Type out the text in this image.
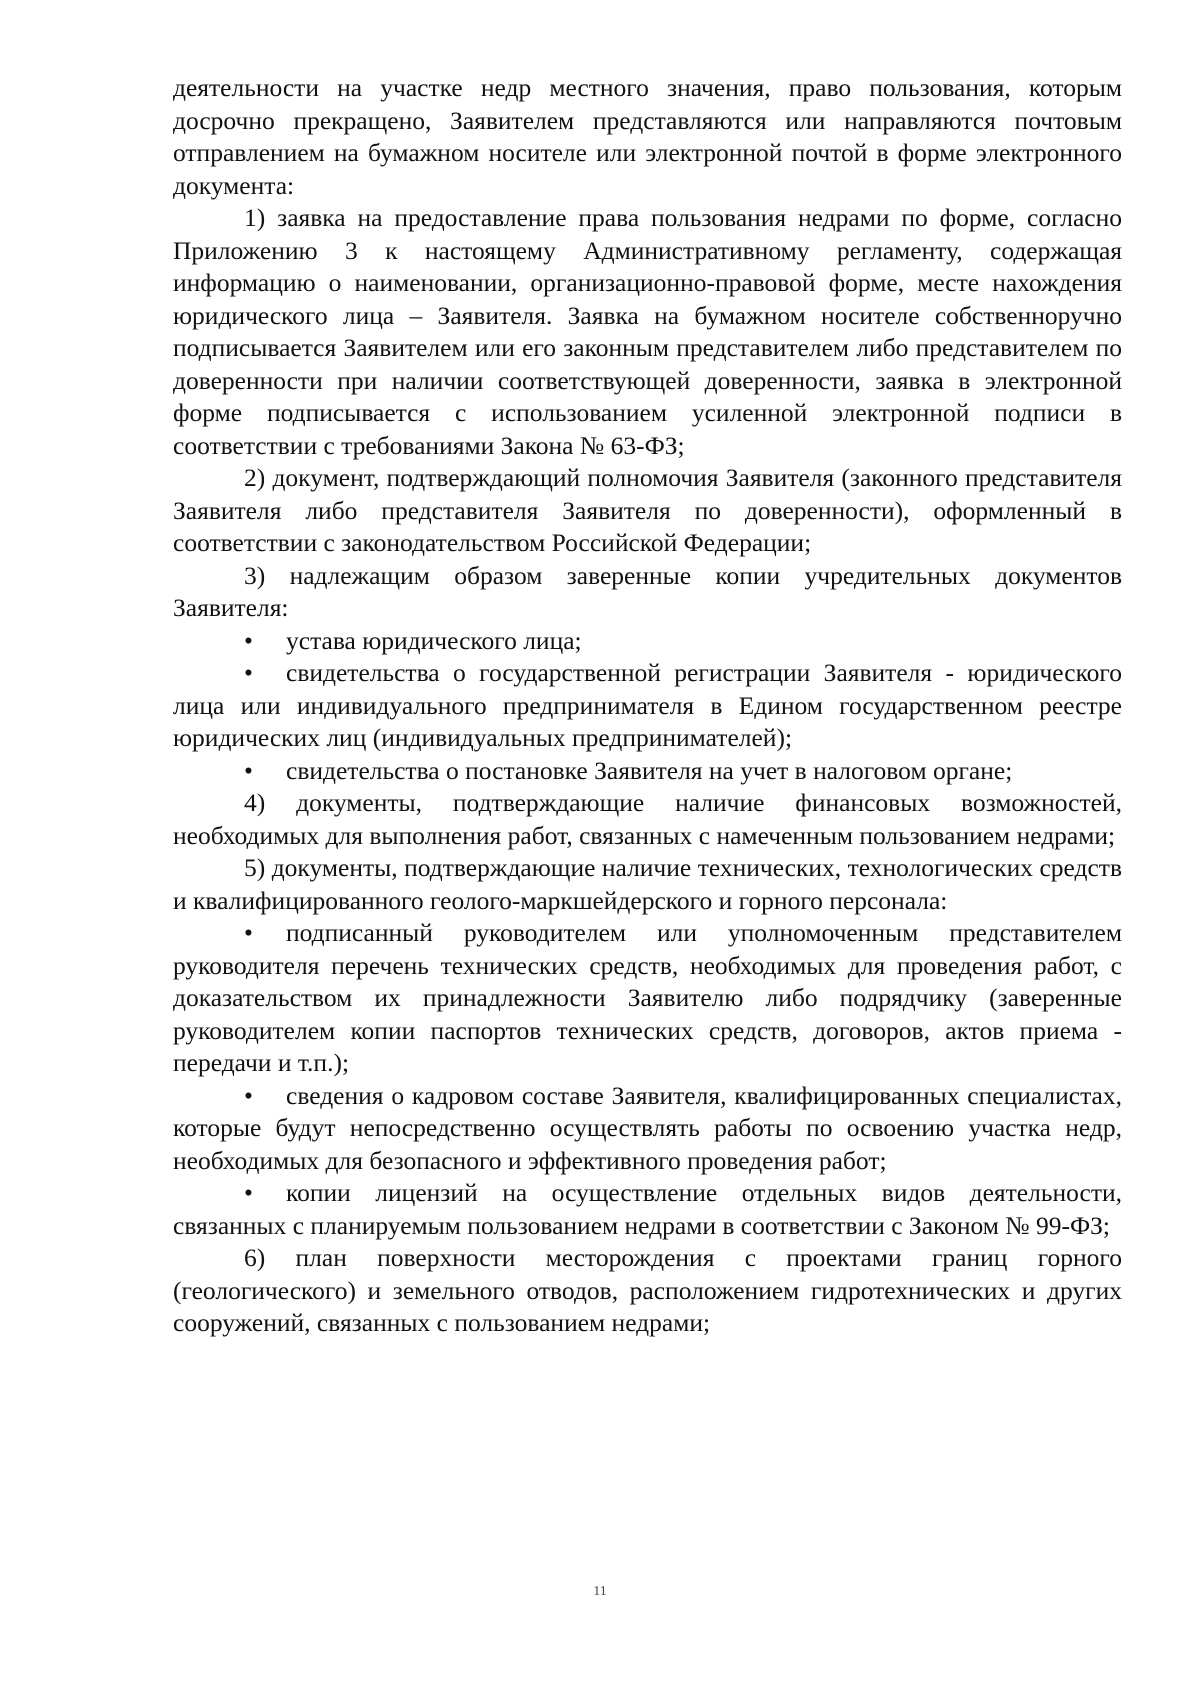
деятельности на участке недр местного значения, право пользования, которым досрочно прекращено, Заявителем представляются или направляются почтовым отправлением на бумажном носителе или электронной почтой в форме электронного документа:

1) заявка на предоставление права пользования недрами по форме, согласно Приложению 3 к настоящему Административному регламенту, содержащая информацию о наименовании, организационно-правовой форме, месте нахождения юридического лица – Заявителя. Заявка на бумажном носителе собственноручно подписывается Заявителем или его законным представителем либо представителем по доверенности при наличии соответствующей доверенности, заявка в электронной форме подписывается с использованием усиленной электронной подписи в соответствии с требованиями Закона № 63-ФЗ;

2) документ, подтверждающий полномочия Заявителя (законного представителя Заявителя либо представителя Заявителя по доверенности), оформленный в соответствии с законодательством Российской Федерации;

3) надлежащим образом заверенные копии учредительных документов Заявителя:

• устава юридического лица;

• свидетельства о государственной регистрации Заявителя - юридического лица или индивидуального предпринимателя в Едином государственном реестре юридических лиц (индивидуальных предпринимателей);

• свидетельства о постановке Заявителя на учет в налоговом органе;

4) документы, подтверждающие наличие финансовых возможностей, необходимых для выполнения работ, связанных с намеченным пользованием недрами;

5) документы, подтверждающие наличие технических, технологических средств и квалифицированного геолого-маркшейдерского и горного персонала:

• подписанный руководителем или уполномоченным представителем руководителя перечень технических средств, необходимых для проведения работ, с доказательством их принадлежности Заявителю либо подрядчику (заверенные руководителем копии паспортов технических средств, договоров, актов приема - передачи и т.п.);

• сведения о кадровом составе Заявителя, квалифицированных специалистах, которые будут непосредственно осуществлять работы по освоению участка недр, необходимых для безопасного и эффективного проведения работ;

• копии лицензий на осуществление отдельных видов деятельности, связанных с планируемым пользованием недрами в соответствии с Законом № 99-ФЗ;

6) план поверхности месторождения с проектами границ горного (геологического) и земельного отводов, расположением гидротехнических и других сооружений, связанных с пользованием недрами;

11
